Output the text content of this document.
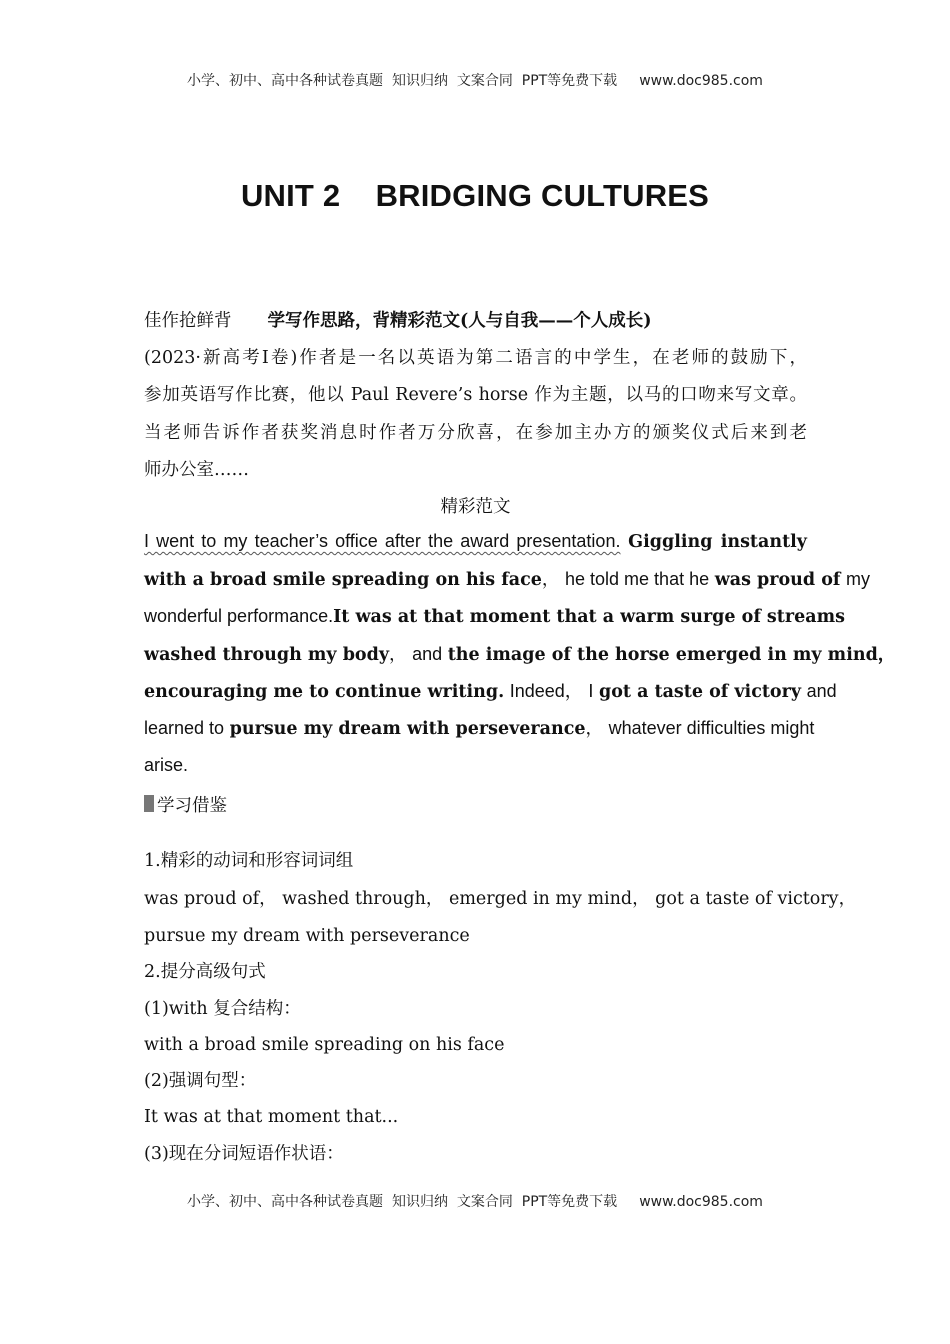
小学、初中、高中各种试卷真题  知识归纳  文案合同  PPT等免费下载 www.doc985.com
UNIT 2    BRIDGING CULTURES
佳作抢鲜背 学写作思路，背精彩范文(人与自我——个人成长)
(2023·新高考Ⅰ卷)作者是一名以英语为第二语言的中学生，在老师的鼓励下，
参加英语写作比赛，他以 Paul Revere’s horse 作为主题，以马的口吻来写文章。
当老师告诉作者获奖消息时作者万分欣喜，在参加主办方的颁奖仪式后来到老
师办公室……
精彩范文
I went to my teacher’s office after the award presentation. Giggling instantly
with a broad smile spreading on his face， he told me that he was proud of my
wonderful performance.It was at that moment that a warm surge of streams
washed through my body， and the image of the horse emerged in my mind，
encouraging me to continue writing. Indeed， I got a taste of victory and
learned to pursue my dream with perseverance， whatever difficulties might
arise.
学习借鉴
1.精彩的动词和形容词词组
was proud of， washed through， emerged in my mind， got a taste of victory，
pursue my dream with perseverance
2.提分高级句式
(1)with 复合结构：
with a broad smile spreading on his face
(2)强调句型：
It was at that moment that...
(3)现在分词短语作状语：
小学、初中、高中各种试卷真题  知识归纳  文案合同  PPT等免费下载 www.doc985.com
